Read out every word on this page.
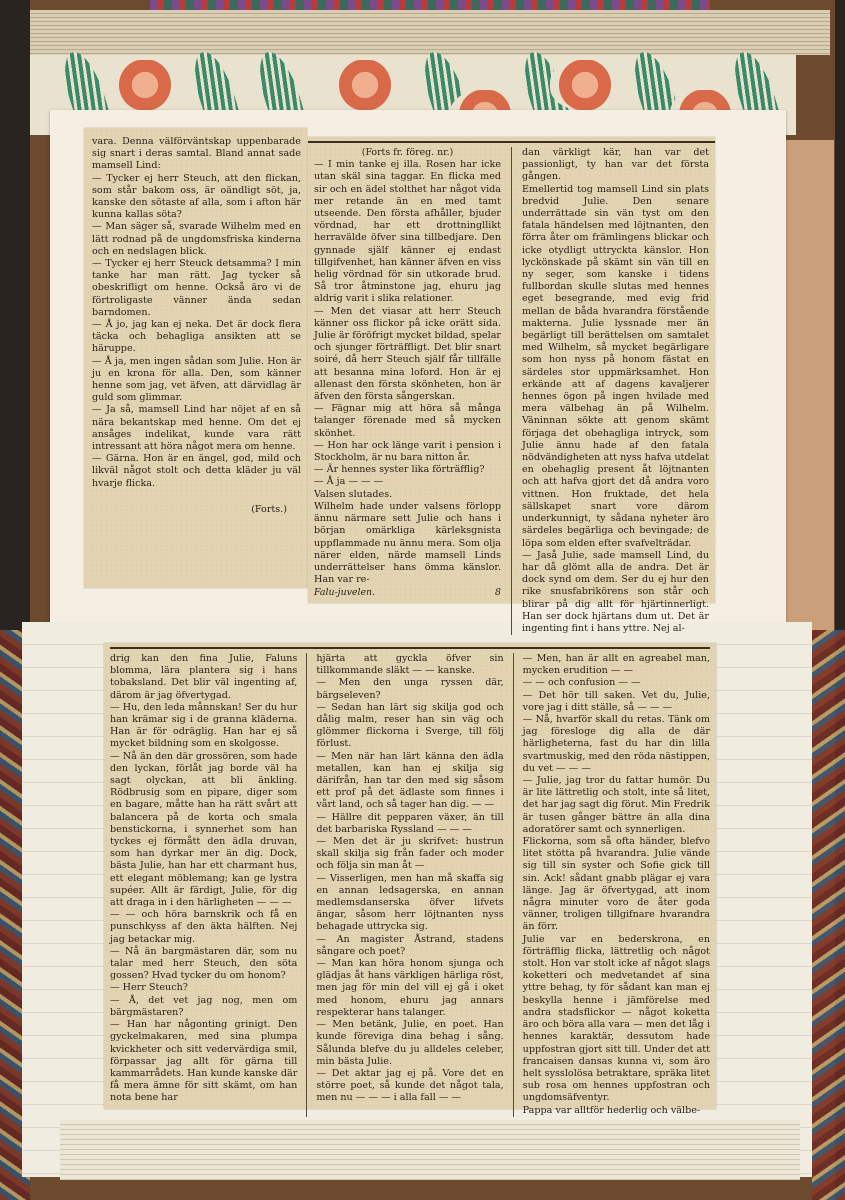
vara. Denna välförväntskap uppenbarade sig snart i deras samtal. Bland annat sade mamsell Lind:

— Tycker ej herr Steuch, att den flickan, som står bakom oss, är oändligt söt, ja, kanske den sötaste af alla, som i afton här kunna kallas söta?

— Man säger så, svarade Wilhelm med en lätt rodnad på de ungdomsfriska kinderna och en nedslagen blick.

— Tycker ej herr Steuck detsamma? I min tanke har man rätt. Jag tycker så obeskrifligt om henne. Också äro vi de förtroligaste vänner ända sedan barndomen.

— Å jo, jag kan ej neka. Det är dock flera täcka och behagliga ansikten att se häruppe.

— Å ja, men ingen sådan som Julie. Hon är ju en krona för alla. Den, som känner henne som jag, vet äfven, att därvidlag är guld som glimmar.

— Ja så, mamsell Lind har nöjet af en så nära bekantskap med henne. Om det ej ansåges indelikat, kunde vara rätt intressant att höra något mera om henne.

— Gärna. Hon är en ängel, god, mild och likväl något stolt och detta kläder ju väl hvarje flicka.

(Forts.)

(Forts fr. föreg. nr.)

— I min tanke ej illa. Rosen har icke utan skäl sina taggar. En flicka med sir och en ädel stolthet har något vida mer retande än en med tamt utseende. Den första afhåller, bjuder vördnad, har ett drottningllikt herravälde öfver sina tillbedjare. Den gynnade själf känner ej endast tillgifvenhet, han känner äfven en viss helig vördnad för sin utkorade brud. Så tror åtminstone jag, ehuru jag aldrig varit i slika relationer.

— Men det viasar att herr Steuch känner oss flickor på icke orätt sida. Julie är föröfrigt mycket bildad, spelar och sjunger förträffligt. Det blir snart soiré, då herr Steuch själf får tillfälle att besanna mina loford. Hon är ej allenast den första skönheten, hon är äfven den första sångerskan.

— Fägnar mig att höra så många talanger förenade med så mycken skönhet.

— Hon har ock länge varit i pension i Stockholm, är nu bara nitton år.

— Är hennes syster lika förträfflig?

— Å ja — — —

Valsen slutades.

Wilhelm hade under valsens förlopp ännu närmare sett Julie och hans i början omärkliga kärleksgnista uppflammade nu ännu mera. Som olja närer elden, närde mamsell Linds underrättelser hans ömma känslor. Han var re-

Falu-juvelen.	8

dan värkligt kär, han var det passionligt, ty han var det första gången.

Emellertid tog mamsell Lind sin plats bredvid Julie. Den senare underrättade sin vän tyst om den fatala händelsen med löjtnanten, den förra åter om främlingens blickar och icke otydligt uttryckta känslor. Hon lyckönskade på skämt sin vän till en ny seger, som kanske i tidens fullbordan skulle slutas med hennes eget besegrande, med evig frid mellan de båda hvarandra förstående makterna. Julie lyssnade mer än begärligt till berättelsen om samtalet med Wilhelm, så mycket begärligare som hon nyss på honom fästat en särdeles stor uppmärksamhet. Hon erkände att af dagens kavaljerer hennes ögon på ingen hvilade med mera välbehag än på Wilhelm. Väninnan sökte att genom skämt förjaga det obehagliga intryck, som Julie ännu hade af den fatala nödvändigheten att nyss hafva utdelat en obehaglig present åt löjtnanten och att hafva gjort det då andra voro vittnen. Hon fruktade, det hela sällskapet snart vore därom underkunnigt, ty sådana nyheter äro särdeles begärliga och bevingade; de löpa som elden efter svafvelträdar.

— Jaså Julie, sade mamsell Lind, du har då glömt alla de andra. Det är dock synd om dem. Ser du ej hur den rike snusfabrikörens son står och blirar på dig allt för hjärtinnerligt. Han ser dock hjärtans dum ut. Det är ingenting fint i hans yttre. Nej al-

drig kan den fina Julie, Faluns blomma, lära plantera sig i hans tobaksland. Det blir väl ingenting af, därom är jag öfvertygad.

— Hu, den leda månnskan! Ser du hur han krämar sig i de granna kläderna. Han är för odräglig. Han har ej så mycket bildning som en skolgosse.

— Nå än den där grossören, som hade den lyckan, förlåt jag borde väl ha sagt olyckan, att bli änkling. Rödbrusig som en pipare, diger som en bagare, måtte han ha rätt svårt att balancera på de korta och smala benstickorna, i synnerhet som han tyckes ej förmått den ädla druvan, som han dyrkar mer än dig. Dock, bästa Julie, han har ett charmant hus, ett elegant möblemang; kan ge lystra supéer. Allt är färdigt, Julie, för dig att draga in i den härligheten — — —

— — och höra barnskrik och få en punschkyss af den äkta hälften. Nej jag betackar mig.

— Nå än bargmästaren där, som nu talar med herr Steuch, den söta gossen? Hvad tycker du om honom?

— Herr Steuch?

— Å, det vet jag nog, men om bärgmästaren?

— Han har någonting grinigt. Den gyckelmakaren, med sina plumpa kvickheter och sitt vedervärdiga smil, förpassar jag allt för gärna till kammarrådets. Han kunde kanske där få mera ämne för sitt skämt, om han nota bene har

hjärta att gyckla öfver sin tillkommande släkt — — kanske.

— Men den unga ryssen där, bärgseleven?

— Sedan han lärt sig skilja god och dålig malm, reser han sin väg och glömmer flickorna i Sverge, till följ förlust.

— Men när han lärt känna den ädla metallen, kan han ej skilja sig därifrån, han tar den med sig såsom ett prof på det ädlaste som finnes i vårt land, och så tager han dig. — —

— Hällre dit pepparen växer, än till det barbariska Ryssland — — —

— Men det är ju skrifvet: hustrun skall skilja sig från fader och moder och följa sin man åt —

— Visserligen, men han må skaffa sig en annan ledsagerska, en annan medlemsdanserska öfver lifvets ängar, såsom herr löjtnanten nyss behagade uttrycka sig.

— An magister Åstrand, stadens sångare och poet?

— Man kan höra honom sjunga och glädjas åt hans värkligen härliga röst, men jag för min del vill ej gå i oket med honom, ehuru jag annars respekterar hans talanger.

— Men betänk, Julie, en poet. Han kunde förevigа dina behag i sång. Sålunda blefve du ju alldeles celeber, min bästa Julie.

— Det aktar jag ej på. Vore det en större poet, så kunde det något tala, men nu — — — i alla fall — —

— Men, han är allt en agreabel man, mycken erudition — —

— — och confusion — —

— Det hör till saken. Vet du, Julie, vore jag i ditt ställe, så — — —

— Nå, hvarför skall du retas. Tänk om jag föresloge dig alla de där härligheterna, fast du har din lilla svartmuskig, med den röda nästippen, du vet — — —

— Julie, jag tror du fattar humör. Du är lite lättretlig och stolt, inte så litet, det har jag sagt dig förut. Min Fredrik är tusen gånger bättre än alla dina adoratörer samt och synnerligen.

Flickorna, som så ofta händer, blefvo litet stötta på hvarandra. Julie vände sig till sin syster och Sofie gick till sin. Ack! sådant gnabb plägar ej vara länge. Jag är öfvertygad, att inom några minuter voro de åter goda vänner, troligen tillgifnare hvarandra än förr.

Julie var en bederskrona, en förträfflig flicka, lättretlig och något stolt. Hon var stolt icke af något slags koketteri och medvetandet af sina yttre behag, ty för sådant kan man ej beskylla henne i jämförelse med andra stadsflickor — något koketta äro och böra alla vara — men det låg i hennes karaktär, dessutom hade uppfostran gjort sitt till. Under det att francaisen dansas kunna vi, som äro helt sysslolösa betraktare, spräka litet sub rosa om hennes uppfostran och ungdomsäfventyr.

Pappa var alltför hederlig och välbe-
